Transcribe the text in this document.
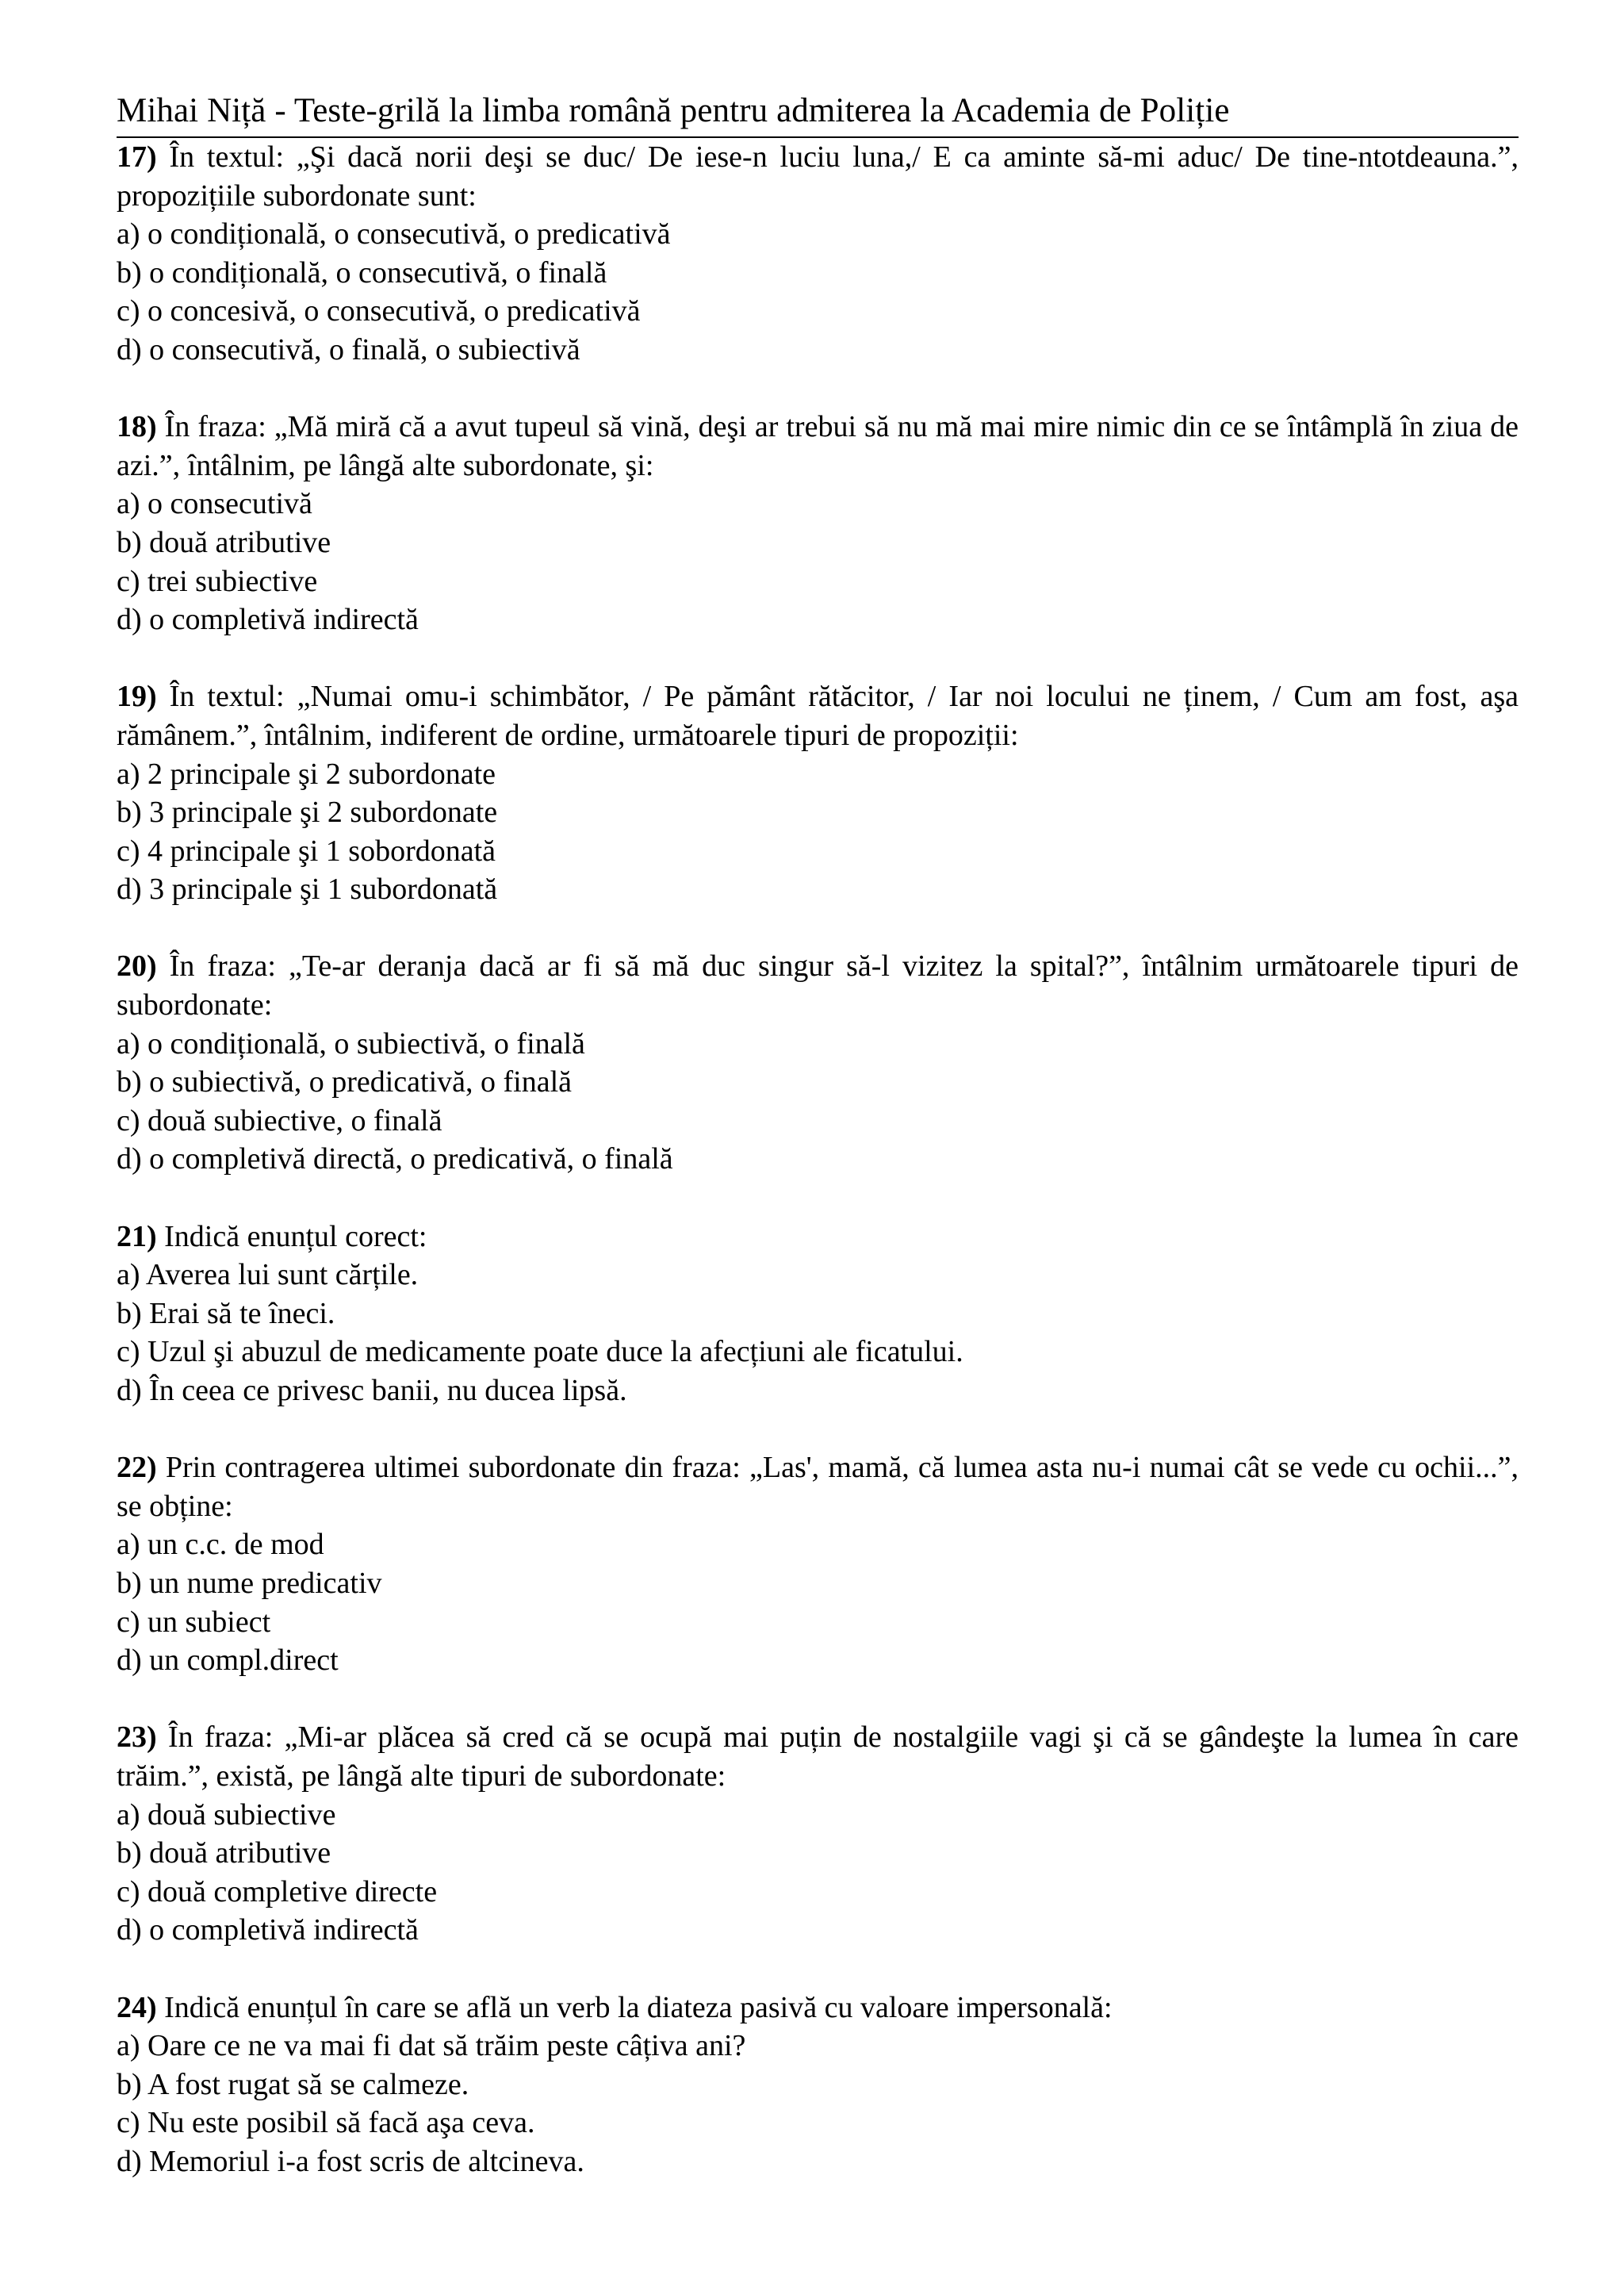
Mihai Niță - Teste-grilă la limba română pentru admiterea la Academia de Poliție
17) În textul: „Şi dacă norii deşi se duc/ De iese-n luciu luna,/ E ca aminte să-mi aduc/ De tine-ntotdeauna.”, propozițiile subordonate sunt:
a) o condițională, o consecutivă, o predicativă
b) o condițională, o consecutivă, o finală
c) o concesivă, o consecutivă, o predicativă
d) o consecutivă, o finală, o subiectivă
18) În fraza: „Mă miră că a avut tupeul să vină, deşi ar trebui să nu mă mai mire nimic din ce se întâmplă în ziua de azi.”, întâlnim, pe lângă alte subordonate, şi:
a) o consecutivă
b) două atributive
c) trei subiective
d) o completivă indirectă
19) În textul: „Numai omu-i schimbător, / Pe pământ rătăcitor, / Iar noi locului ne ținem, / Cum am fost, aşa rămânem.”, întâlnim, indiferent de ordine, următoarele tipuri de propoziții:
a) 2 principale şi 2 subordonate
b) 3 principale şi 2 subordonate
c) 4 principale şi 1 sobordonată
d) 3 principale şi 1 subordonată
20) În fraza: „Te-ar deranja dacă ar fi să mă duc singur să-l vizitez la spital?”, întâlnim următoarele tipuri de subordonate:
a) o condițională, o subiectivă, o finală
b) o subiectivă, o predicativă, o finală
c) două subiective, o finală
d) o completivă directă, o predicativă, o finală
21) Indică enunțul corect:
a) Averea lui sunt cărțile.
b) Erai să te îneci.
c) Uzul şi abuzul de medicamente poate duce la afecțiuni ale ficatului.
d) În ceea ce privesc banii, nu ducea lipsă.
22) Prin contragerea ultimei subordonate din fraza: „Las', mamă, că lumea asta nu-i numai cât se vede cu ochii...”, se obține:
a) un c.c. de mod
b) un nume predicativ
c) un subiect
d) un compl.direct
23) În fraza: „Mi-ar plăcea să cred că se ocupă mai puțin de nostalgiile vagi şi că se gândeşte la lumea în care trăim.”, există, pe lângă alte tipuri de subordonate:
a) două subiective
b) două atributive
c) două completive directe
d) o completivă indirectă
24) Indică enunțul în care se află un verb la diateza pasivă cu valoare impersonală:
a) Oare ce ne va mai fi dat să trăim peste câțiva ani?
b) A fost rugat să se calmeze.
c) Nu este posibil să facă aşa ceva.
d) Memoriul i-a fost scris de altcineva.
